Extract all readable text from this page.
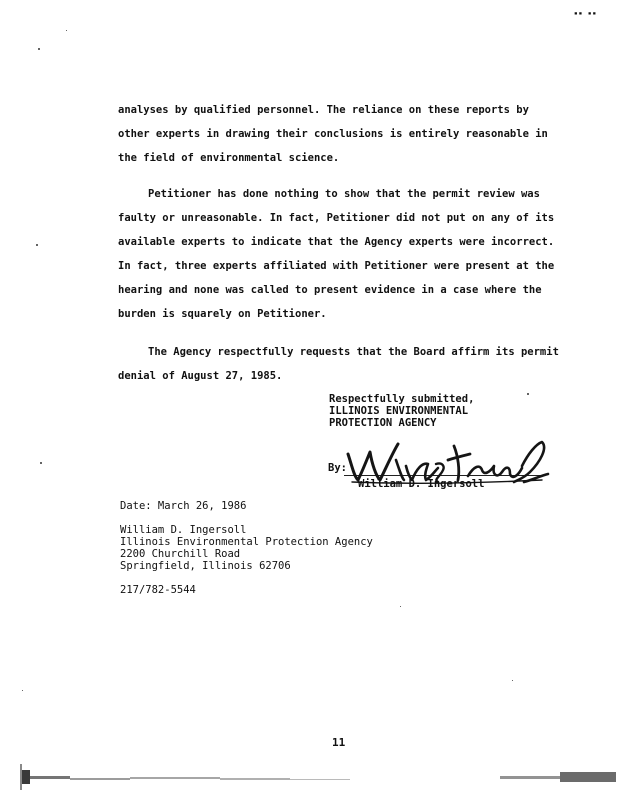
▪▪ ▪▪
analyses by qualified personnel. The reliance on these reports by
other experts in drawing their conclusions is entirely reasonable in
the field of environmental science.
Petitioner has done nothing to show that the permit review was
faulty or unreasonable. In fact, Petitioner did not put on any of its
available experts to indicate that the Agency experts were incorrect.
In fact, three experts affiliated with Petitioner were present at the
hearing and none was called to present evidence in a case where the
burden is squarely on Petitioner.
The Agency respectfully requests that the Board affirm its permit
denial of August 27, 1985.
Respectfully submitted,
ILLINOIS ENVIRONMENTAL
PROTECTION AGENCY
By:
William D. Ingersoll
Date: March 26, 1986
William D. Ingersoll
Illinois Environmental Protection Agency
2200 Churchill Road
Springfield, Illinois 62706
217/782-5544
11
